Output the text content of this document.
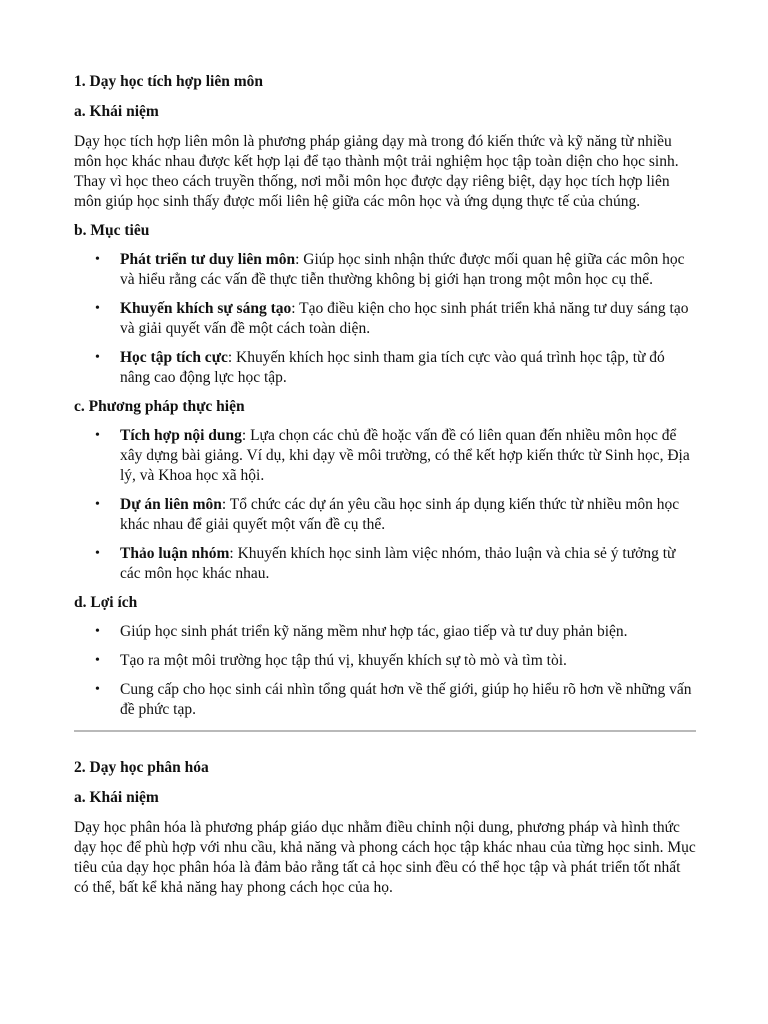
1. Dạy học tích hợp liên môn
a. Khái niệm

Dạy học tích hợp liên môn là phương pháp giảng dạy mà trong đó kiến thức và kỹ năng từ nhiều môn học khác nhau được kết hợp lại để tạo thành một trải nghiệm học tập toàn diện cho học sinh. Thay vì học theo cách truyền thống, nơi mỗi môn học được dạy riêng biệt, dạy học tích hợp liên môn giúp học sinh thấy được mối liên hệ giữa các môn học và ứng dụng thực tế của chúng.

b. Mục tiêu
• Phát triển tư duy liên môn: Giúp học sinh nhận thức được mối quan hệ giữa các môn học và hiểu rằng các vấn đề thực tiễn thường không bị giới hạn trong một môn học cụ thể.
• Khuyến khích sự sáng tạo: Tạo điều kiện cho học sinh phát triển khả năng tư duy sáng tạo và giải quyết vấn đề một cách toàn diện.
• Học tập tích cực: Khuyến khích học sinh tham gia tích cực vào quá trình học tập, từ đó nâng cao động lực học tập.
c. Phương pháp thực hiện
• Tích hợp nội dung: Lựa chọn các chủ đề hoặc vấn đề có liên quan đến nhiều môn học để xây dựng bài giảng. Ví dụ, khi dạy về môi trường, có thể kết hợp kiến thức từ Sinh học, Địa lý, và Khoa học xã hội.
• Dự án liên môn: Tổ chức các dự án yêu cầu học sinh áp dụng kiến thức từ nhiều môn học khác nhau để giải quyết một vấn đề cụ thể.
• Thảo luận nhóm: Khuyến khích học sinh làm việc nhóm, thảo luận và chia sẻ ý tưởng từ các môn học khác nhau.
d. Lợi ích
• Giúp học sinh phát triển kỹ năng mềm như hợp tác, giao tiếp và tư duy phản biện.
• Tạo ra một môi trường học tập thú vị, khuyến khích sự tò mò và tìm tòi.
• Cung cấp cho học sinh cái nhìn tổng quát hơn về thế giới, giúp họ hiểu rõ hơn về những vấn đề phức tạp.
2. Dạy học phân hóa
a. Khái niệm

Dạy học phân hóa là phương pháp giáo dục nhằm điều chỉnh nội dung, phương pháp và hình thức dạy học để phù hợp với nhu cầu, khả năng và phong cách học tập khác nhau của từng học sinh. Mục tiêu của dạy học phân hóa là đảm bảo rằng tất cả học sinh đều có thể học tập và phát triển tốt nhất có thể, bất kể khả năng hay phong cách học của họ.
